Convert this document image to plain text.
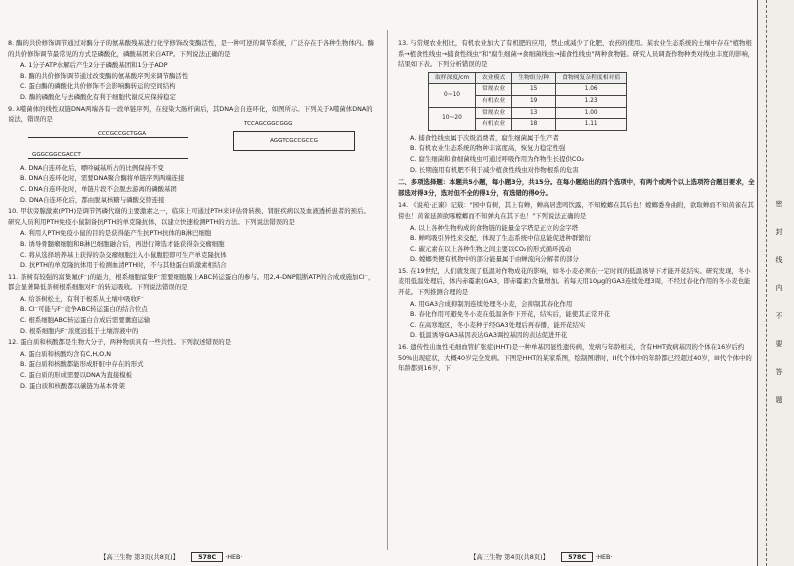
8. 酶的共价修饰调节通过对酶分子的氨基酸残基进行化学修饰改变酶活性，是一种可逆的调节系统，广泛存在于各种生物体内。酶的共价修饰调节最常见的方式是磷酸化，磷酸基团来自ATP。下列说法正确的是

A. 1分子ATP水解后产生2分子磷酸基团和1分子ADP

B. 酶的共价修饰调节通过改变酶的氨基酸序列来调节酶活性

C. 蛋白酶的磷酸化共价修饰不会影响酶转运的空间结构

D. 酶的磷酸化与去磷酸化有利于细胞代谢反应保持稳定

9. λ噬菌体的线性双链DNA两端各有一段单链序列，在侵染大肠杆菌后，其DNA会自连环化，如图所示。下列关于λ噬菌体DNA的说法，错误的是

CCCGCCGCTGGA
GGGCGGCGACCT
TCCAGCGGCGGG
AGGTCGCCGCCG

A. DNA自连环化后，嘌呤碱基所占的比例保持不变

B. DNA自连环化时，需要DNA聚合酶将单链序列两端连接

C. DNA自连环化时，单链片段不会脱去游离的磷酸基团

D. DNA自连环化后，都由脱氧核糖与磷酸交替连接

10. 甲状旁腺激素(PTH)是调节钙磷代谢的主要激素之一，临床上可通过PTH来评估骨转换、肾脏疾病以及血液透析患者的预后。研究人员利用PTH免疫小鼠制备抗PTH的单克隆抗体，以建立快速检测PTH的方法。下列说法错误的是

A. 利用人PTH免疫小鼠的目的是获得能产生抗PTH抗体的B淋巴细胞

B. 诱导骨髓瘤细胞和B淋巴细胞融合后，再进行筛选才能获得杂交瘤细胞

C. 将从选择培养基上获得的杂交瘤细胞注入小鼠腹腔即可生产单克隆抗体

D. 抗PTH的单克隆抗体用于检测血清PTH时，不与其他蛋白质激素相结合

11. 茶树有较强的富集氟(F⁻)的能力，根系细胞富集F⁻需要细胞膜上ABC转运蛋白的参与。用2,4-DNP阻断ATP的合成或施加Cl⁻，都会显著降低茶树根系细胞对F⁻的转运吸收。下列说法错误的是

A. 给茶树松土，有利于根系从土壤中吸收F⁻

B. Cl⁻可能与F⁻竞争ABC转运蛋白的结合位点

C. 根系细胞ABC转运蛋白合成后需要囊泡运输

D. 根系细胞内F⁻浓度远低于土壤溶液中的

12. 蛋白质和核酸都是生物大分子，两种物质具有一些共性。下列叙述错误的是

A. 蛋白质和核酸均含有C,H,O,N

B. 蛋白质和核酸都能形成肝脏中存在的形式

C. 蛋白质的形成需要以DNA为直接模板

D. 蛋白质和核酸都以碳链为基本骨架

【高三生物 第3页(共8页)】	578C ·HEB·

13. 与常规农业相比，有机农业加大了有机肥的应用，禁止或减少了化肥、农药的使用。某农业生态系统的土壤中存在"植物根系→植食性线虫→捕食性线虫"和"腐生细菌→食细菌线虫→捕食性线虫"两种食物链。研究人员调查作物种类对线虫丰度的影响，结果如下表。下列分析错误的是

取样深度/cm	农业模式	生物组分/种	食物网复杂程度相对值
0~10	常规农业	15	1.06
	有机农业	19	1.23
10~20	常规农业	13	1.00
	有机农业	18	1.11

A. 捕食性线虫属于次级消费者，腐生细菌属于生产者

B. 有机农业生态系统的物种丰富度高，恢复力稳定性强

C. 腐生细菌和食细菌线虫可通过呼吸作用为作物生长提供CO₂

D. 长期施用有机肥不利于减少植食性线虫对作物根系的危害

二、多项选择题：本题共5小题，每小题3分，共15分。在每小题给出的四个选项中，有两个或两个以上选项符合题目要求，全部选对得3分，选对但不全的得1分，有选错的得0分。

14. 《说苑·正谏》记载："园中有树，其上有蝉，蝉高居悲鸣饮露，不知螳螂在其后也！螳螂委身曲附，欲取蝉而不知黄雀在其傍也！黄雀延颈欲啄螳螂而不知弹丸在其下也！"下列说法正确的是

A. 以上各种生物构成的食物链的能量金字塔是正立的金字塔

B. 蝉鸣吸引异性来交配，体现了生态系统中信息能促进种群繁衍

C. 碳元素在以上各种生物之间主要以CO₂的形式循环流动

D. 螳螂类便有机物中的部分能量属于由蝉流向分解者的部分

15. 在19世纪，人们就发现了低温对作物成花的影响，如冬小麦必须在一定时间的低温诱导下才能开花结实。研究发现，冬小麦用低温处理后，体内赤霉素(GA3，即赤霉素)含量增加。若每天用10μg的GA3连续处理3周，不经过春化作用的冬小麦也能开花。下列推测合理的是

A. 用GA3合成抑制剂连续处理冬小麦，会抑制其春化作用

B. 春化作用可避免冬小麦在低温条件下开花，结实后，能使其正常开花

C. 在高寒地区，冬小麦种子经GA3处理后再春播，能开花结实

D. 低温诱导GA3基因表达GA3调控基因的表达促进开花

16. 遗传性出血性毛细血管扩张症(HHT)是一种单基因显性遗传病，发病与年龄相关，含有HHT致病基因的个体在16岁后约50%出现症状，大概40岁完全发病。下图是HHT的某家系图，绘制图谱时，II代个体中的年龄都已经超过40岁，III代个体中的年龄都到16岁，下

【高三生物 第4页(共8页)】	578C ·HEB·
密
封
线
内
不
要
答
题
